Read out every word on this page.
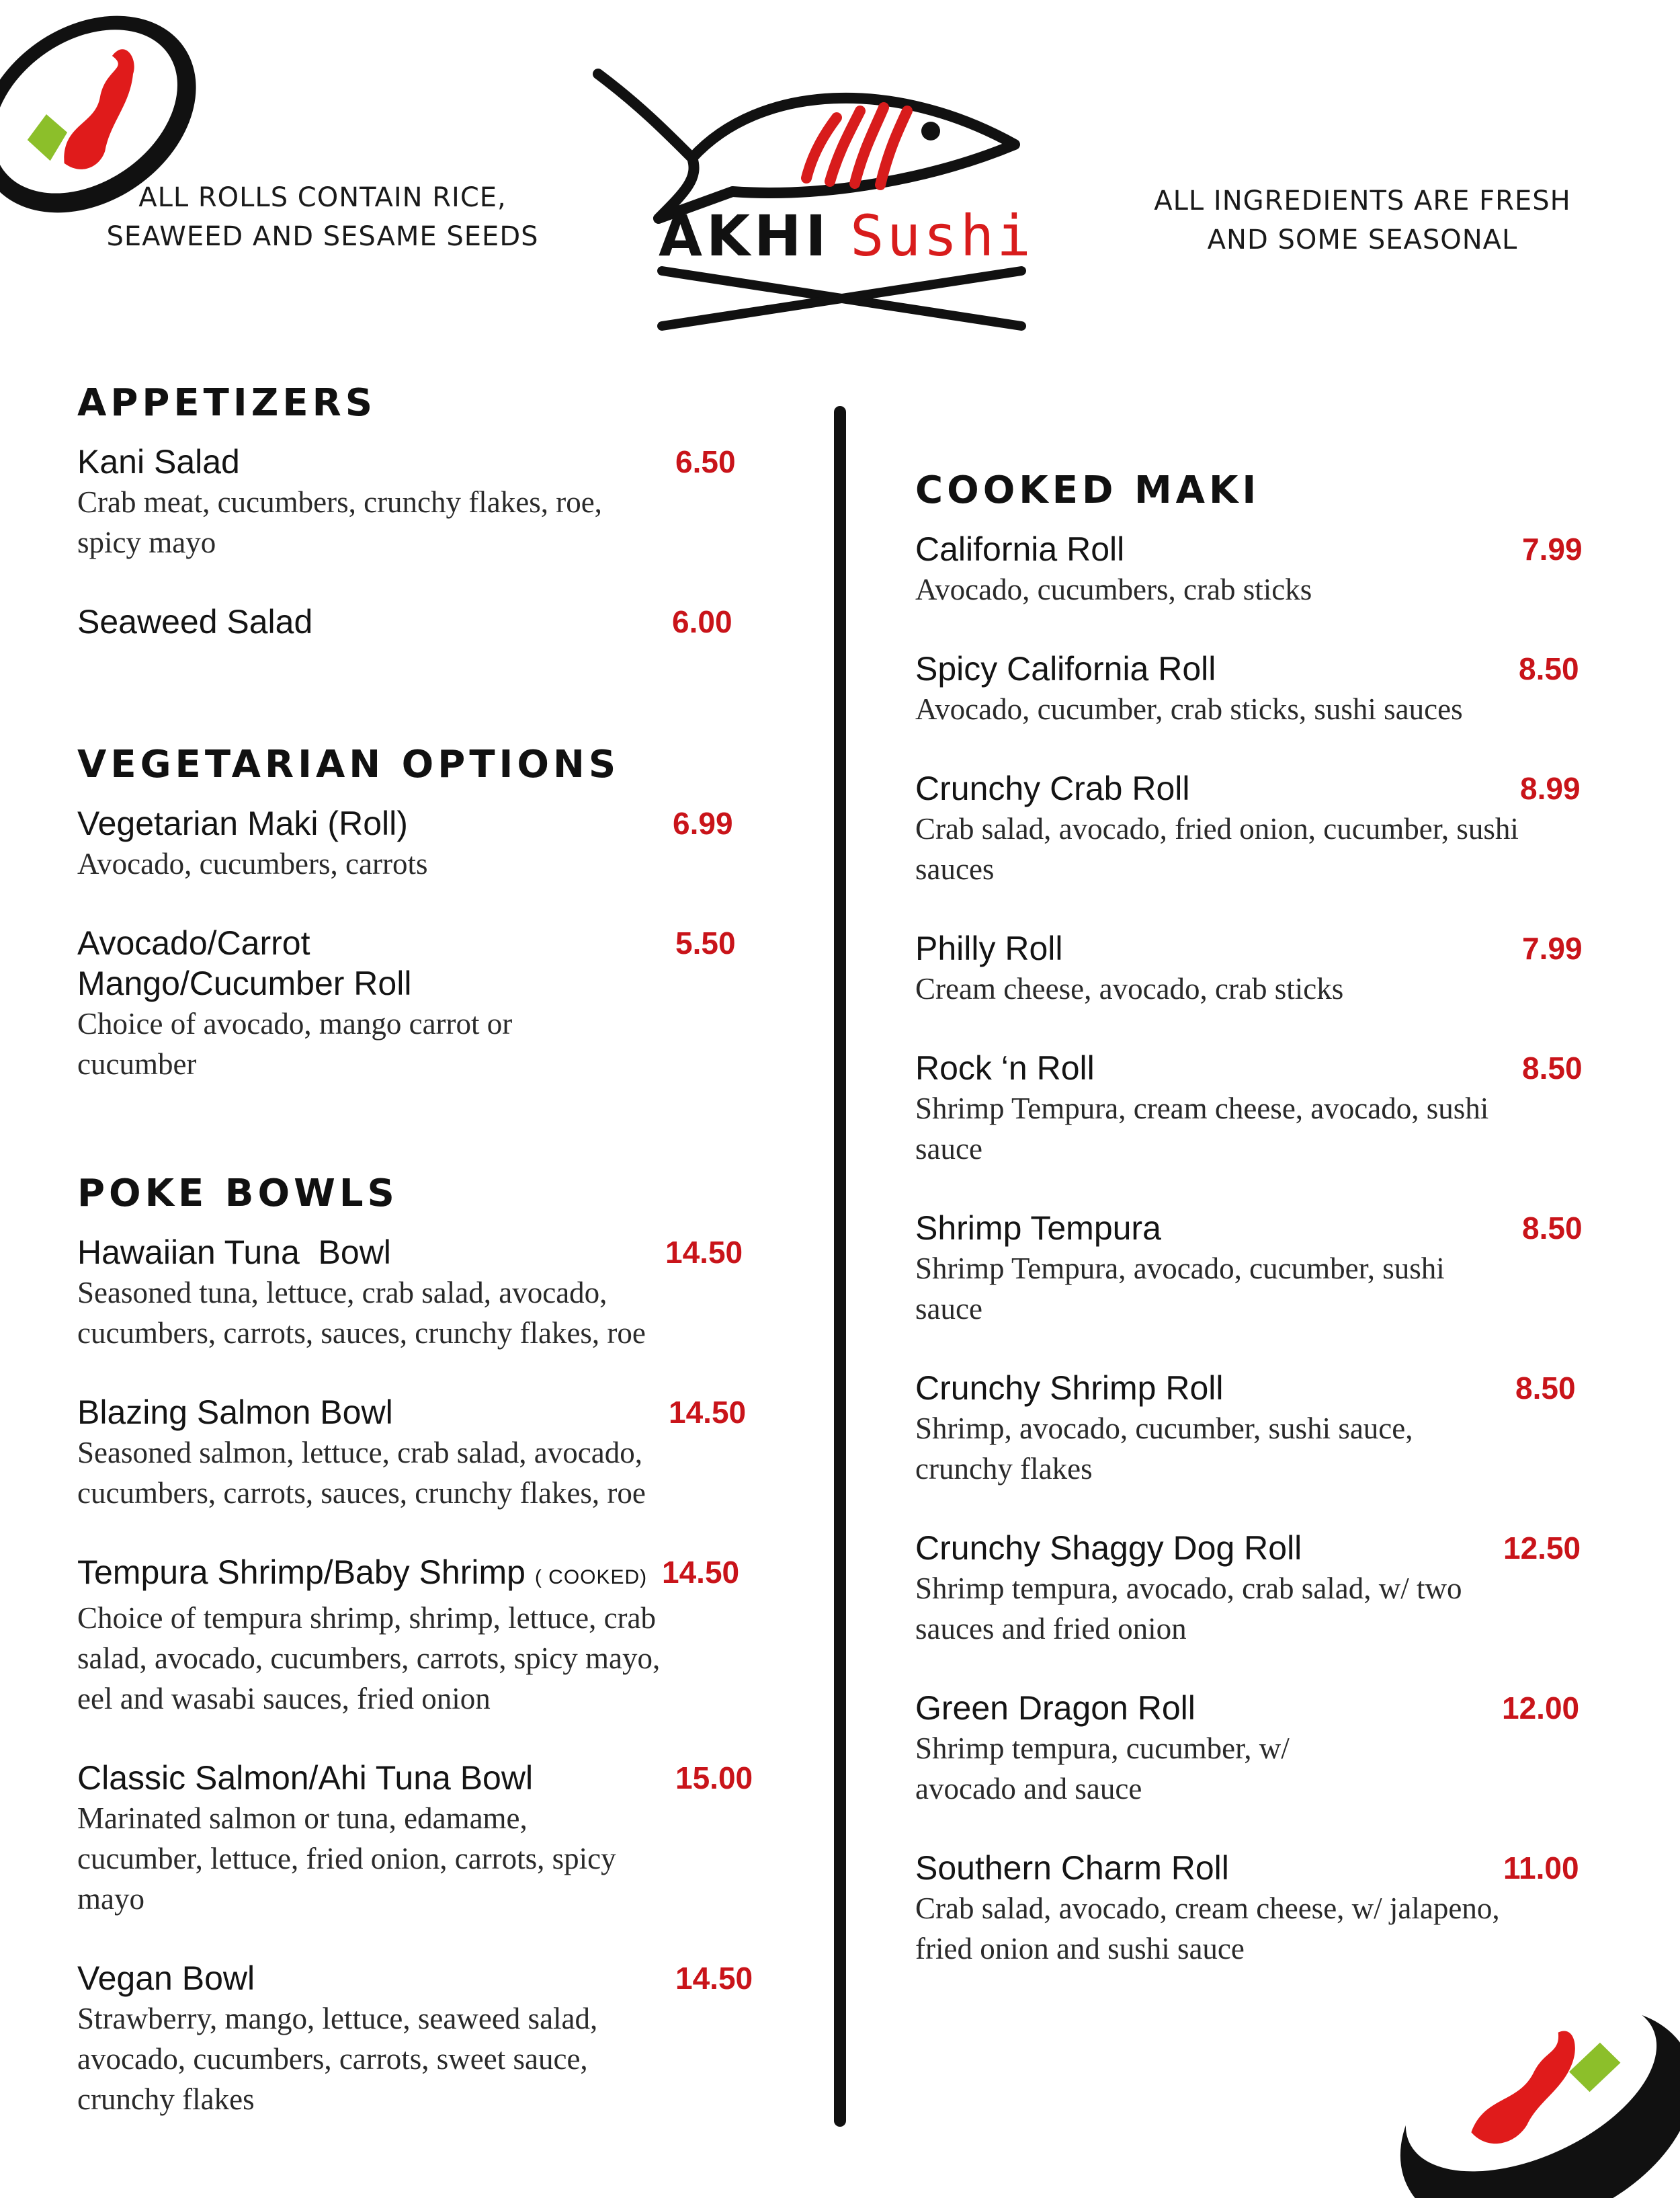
ALL ROLLS CONTAIN RICE,
SEAWEED AND SESAME SEEDS
ALL INGREDIENTS ARE FRESH
AND SOME SEASONAL
AKHI Sushi
APPETIZERS
Kani Salad	6.50
Crab meat, cucumbers, crunchy flakes, roe, spicy mayo
Seaweed Salad	6.00
VEGETARIAN OPTIONS
Vegetarian Maki (Roll)	6.99
Avocado, cucumbers, carrots
Avocado/Carrot
Mango/Cucumber Roll
5.50
Choice of avocado, mango carrot or cucumber
POKE BOWLS
Hawaiian Tuna  Bowl	14.50
Seasoned tuna, lettuce, crab salad, avocado, cucumbers, carrots, sauces, crunchy flakes, roe
Blazing Salmon Bowl	14.50
Seasoned salmon, lettuce, crab salad, avocado, cucumbers, carrots, sauces, crunchy flakes, roe
Tempura Shrimp/Baby Shrimp ( COOKED) 14.50
Choice of tempura shrimp, shrimp, lettuce, crab salad, avocado, cucumbers, carrots, spicy mayo, eel and wasabi sauces, fried onion
Classic Salmon/Ahi Tuna Bowl	15.00
Marinated salmon or tuna, edamame, cucumber, lettuce, fried onion, carrots, spicy mayo
Vegan Bowl	14.50
Strawberry, mango, lettuce, seaweed salad, avocado, cucumbers, carrots, sweet sauce, crunchy flakes
COOKED MAKI
California Roll	7.99
Avocado, cucumbers, crab sticks
Spicy California Roll	8.50
Avocado, cucumber, crab sticks, sushi sauces
Crunchy Crab Roll	8.99
Crab salad, avocado, fried onion, cucumber, sushi sauces
Philly Roll	7.99
Cream cheese, avocado, crab sticks
Rock ‘n Roll	8.50
Shrimp Tempura, cream cheese, avocado, sushi sauce
Shrimp Tempura	8.50
Shrimp Tempura, avocado, cucumber, sushi sauce
Crunchy Shrimp Roll	8.50
Shrimp, avocado, cucumber, sushi sauce, crunchy flakes
Crunchy Shaggy Dog Roll	12.50
Shrimp tempura, avocado, crab salad, w/ two sauces and fried onion
Green Dragon Roll	12.00
Shrimp tempura, cucumber, w/ avocado and sauce
Southern Charm Roll	11.00
Crab salad, avocado, cream cheese, w/ jalapeno, fried onion and sushi sauce
